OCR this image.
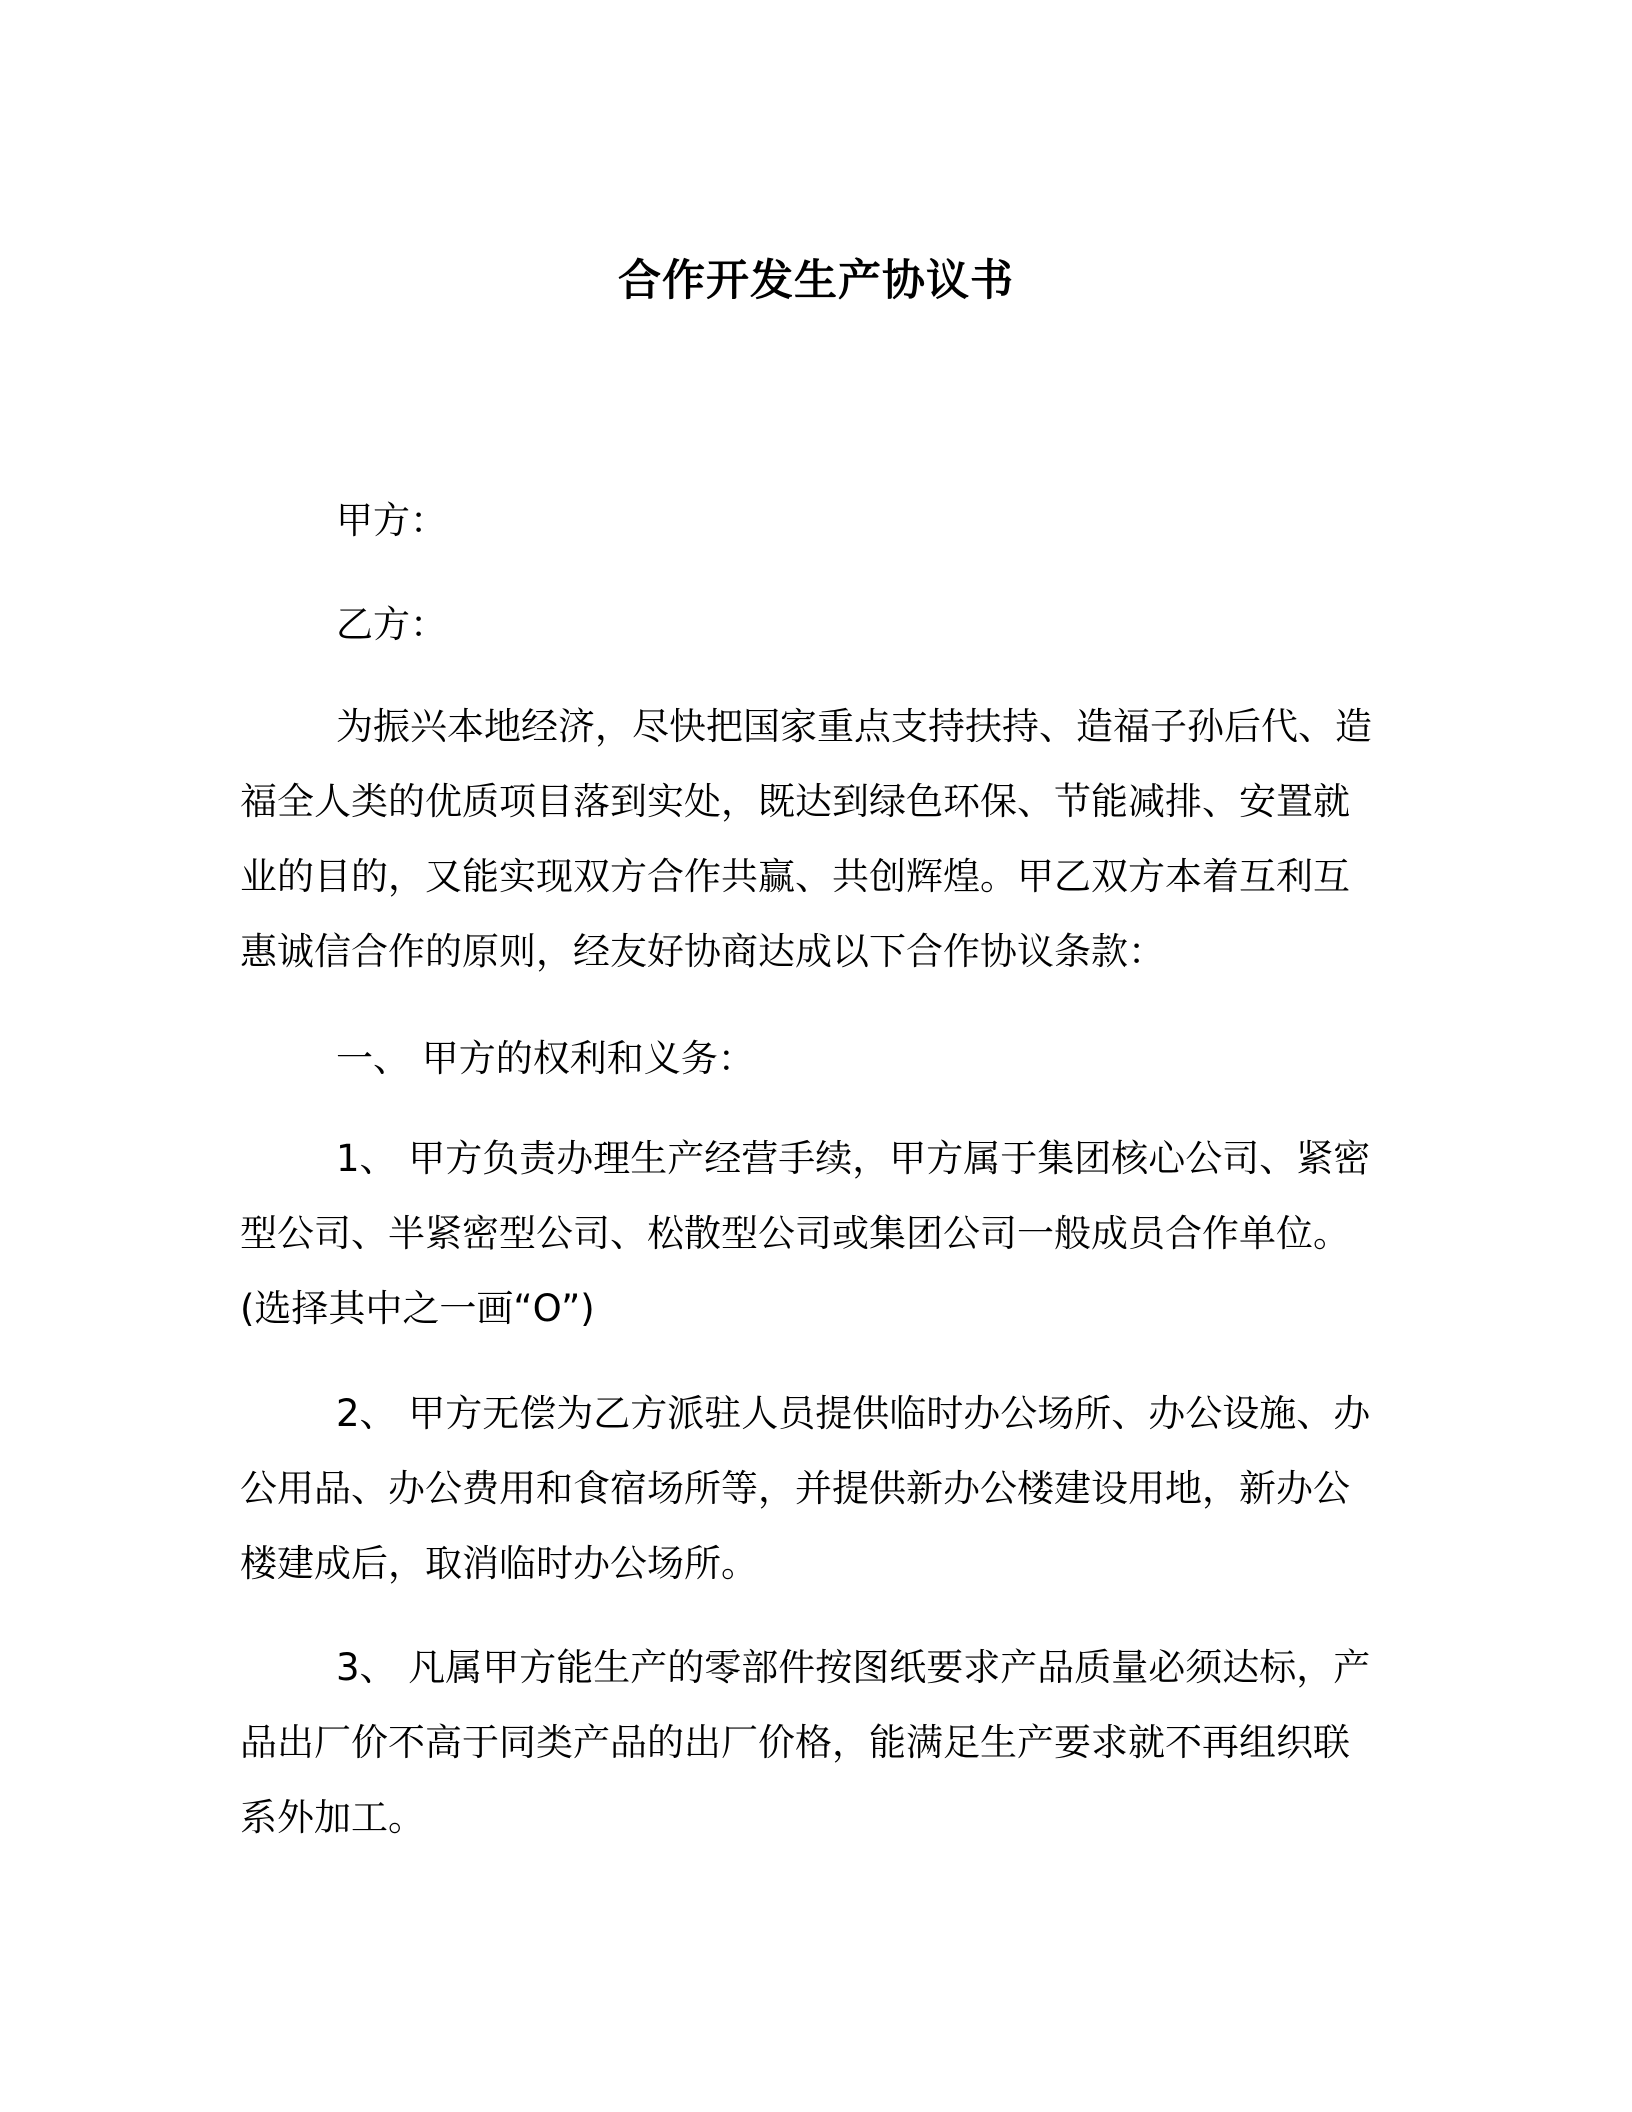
合作开发生产协议书

甲方：

乙方：

为振兴本地经济，尽快把国家重点支持扶持、造福子孙后代、造

福全人类的优质项目落到实处，既达到绿色环保、节能减排、安置就

业的目的，又能实现双方合作共赢、共创辉煌。甲乙双方本着互利互

惠诚信合作的原则，经友好协商达成以下合作协议条款：

一、 甲方的权利和义务：

1、 甲方负责办理生产经营手续，甲方属于集团核心公司、紧密

型公司、半紧密型公司、松散型公司或集团公司一般成员合作单位。

(选择其中之一画“O”)

2、 甲方无偿为乙方派驻人员提供临时办公场所、办公设施、办

公用品、办公费用和食宿场所等，并提供新办公楼建设用地，新办公

楼建成后，取消临时办公场所。

3、 凡属甲方能生产的零部件按图纸要求产品质量必须达标，产

品出厂价不高于同类产品的出厂价格，能满足生产要求就不再组织联

系外加工。
